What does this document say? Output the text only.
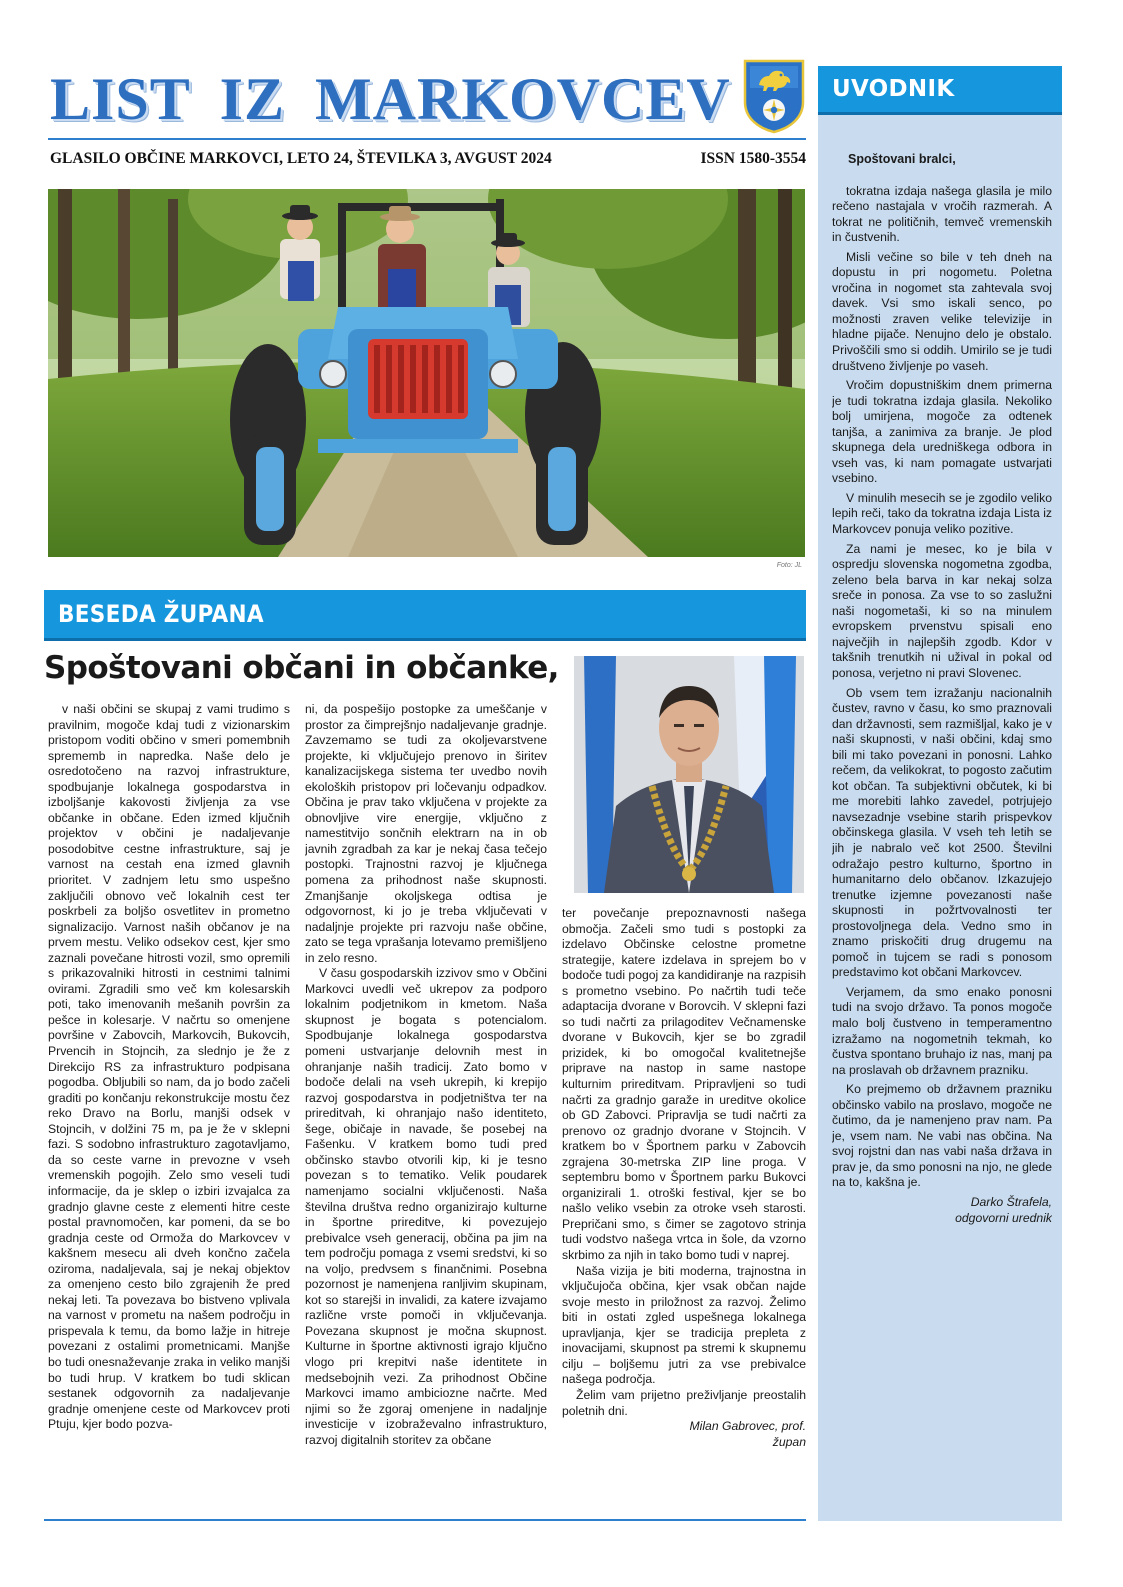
LIST IZ MARKOVCEV
GLASILO OBČINE MARKOVCI, LETO 24, ŠTEVILKA 3, AVGUST 2024	ISSN 1580-3554
Foto: JL
BESEDA ŽUPANA
Spoštovani občani in občanke,

v naši občini se skupaj z vami trudimo s pravilnim, mogoče kdaj tudi z vizionarskim pristopom voditi občino v smeri pomembnih sprememb in napredka. Naše delo je osredotočeno na razvoj infrastrukture, spodbujanje lokalnega gospodarstva in izboljšanje kakovosti življenja za vse občanke in občane. Eden izmed ključnih projektov v občini je nadaljevanje posodobitve cestne infrastrukture, saj je varnost na cestah ena izmed glavnih prioritet. V zadnjem letu smo uspešno zaključili obnovo več lokalnih cest ter poskrbeli za boljšo osvetlitev in prometno signalizacijo. Varnost naših občanov je na prvem mestu. Veliko odsekov cest, kjer smo zaznali povečane hitrosti vozil, smo opremili s prikazovalniki hitrosti in cestnimi talnimi ovirami. Zgradili smo več km kolesarskih poti, tako imenovanih mešanih površin za pešce in kolesarje. V načrtu so omenjene površine v Zabovcih, Markovcih, Bukovcih, Prvencih in Stojncih, za slednjo je že z Direkcijo RS za infrastrukturo podpisana pogodba. Obljubili so nam, da jo bodo začeli graditi po končanju rekonstrukcije mostu čez reko Dravo na Borlu, manjši odsek v Stojncih, v dolžini 75 m, pa je že v sklepni fazi. S sodobno infrastrukturo zagotavljamo, da so ceste varne in prevozne v vseh vremenskih pogojih. Zelo smo veseli tudi informacije, da je sklep o izbiri izvajalca za gradnjo glavne ceste z elementi hitre ceste postal pravnomočen, kar pomeni, da se bo gradnja ceste od Ormoža do Markovcev v kakšnem mesecu ali dveh končno začela oziroma, nadaljevala, saj je nekaj objektov za omenjeno cesto bilo zgrajenih že pred nekaj leti. Ta povezava bo bistveno vplivala na varnost v prometu na našem področju in prispevala k temu, da bomo lažje in hitreje povezani z ostalimi prometnicami. Manjše bo tudi onesnaževanje zraka in veliko manjši bo tudi hrup. V kratkem bo tudi sklican sestanek odgovornih za nadaljevanje gradnje omenjene ceste od Markovcev proti Ptuju, kjer bodo pozva-

ni, da pospešijo postopke za umeščanje v prostor za čimprejšnjo nadaljevanje gradnje. Zavzemamo se tudi za okoljevarstvene projekte, ki vključujejo prenovo in širitev kanalizacijskega sistema ter uvedbo novih ekoloških pristopov pri ločevanju odpadkov. Občina je prav tako vključena v projekte za obnovljive vire energije, vključno z namestitvijo sončnih elektrarn na in ob javnih zgradbah za kar je nekaj časa tečejo postopki. Trajnostni razvoj je ključnega pomena za prihodnost naše skupnosti. Zmanjšanje okoljskega odtisa je odgovornost, ki jo je treba vključevati v nadaljnje projekte pri razvoju naše občine, zato se tega vprašanja lotevamo premišljeno in zelo resno.

V času gospodarskih izzivov smo v Občini Markovci uvedli več ukrepov za podporo lokalnim podjetnikom in kmetom. Naša skupnost je bogata s potencialom. Spodbujanje lokalnega gospodarstva pomeni ustvarjanje delovnih mest in ohranjanje naših tradicij. Zato bomo v bodoče delali na vseh ukrepih, ki krepijo razvoj gospodarstva in podjetništva ter na prireditvah, ki ohranjajo našo identiteto, šege, običaje in navade, še posebej na Fašenku. V kratkem bomo tudi pred občinsko stavbo otvorili kip, ki je tesno povezan s to tematiko. Velik poudarek namenjamo socialni vključenosti. Naša številna društva redno organizirajo kulturne in športne prireditve, ki povezujejo prebivalce vseh generacij, občina pa jim na tem področju pomaga z vsemi sredstvi, ki so na voljo, predvsem s finančnimi. Posebna pozornost je namenjena ranljivim skupinam, kot so starejši in invalidi, za katere izvajamo različne vrste pomoči in vključevanja. Povezana skupnost je močna skupnost. Kulturne in športne aktivnosti igrajo ključno vlogo pri krepitvi naše identitete in medsebojnih vezi. Za prihodnost Občine Markovci imamo ambiciozne načrte. Med njimi so že zgoraj omenjene in nadaljnje investicije v izobraževalno infrastrukturo, razvoj digitalnih storitev za občane

ter povečanje prepoznavnosti našega območja. Začeli smo tudi s postopki za izdelavo Občinske celostne prometne strategije, katere izdelava in sprejem bo v bodoče tudi pogoj za kandidiranje na razpisih s prometno vsebino. Po načrtih tudi teče adaptacija dvorane v Borovcih. V sklepni fazi so tudi načrti za prilagoditev Večnamenske dvorane v Bukovcih, kjer se bo zgradil prizidek, ki bo omogočal kvalitetnejše priprave na nastop in same nastope kulturnim prireditvam. Pripravljeni so tudi načrti za gradnjo garaže in ureditve okolice ob GD Zabovci. Pripravlja se tudi načrti za prenovo oz gradnjo dvorane v Stojncih. V kratkem bo v Športnem parku v Zabovcih zgrajena 30-metrska ZIP line proga. V septembru bomo v Športnem parku Bukovci organizirali 1. otroški festival, kjer se bo našlo veliko vsebin za otroke vseh starosti. Prepričani smo, s čimer se zagotovo strinja tudi vodstvo našega vrtca in šole, da vzorno skrbimo za njih in tako bomo tudi v naprej.

Naša vizija je biti moderna, trajnostna in vključujoča občina, kjer vsak občan najde svoje mesto in priložnost za razvoj. Želimo biti in ostati zgled uspešnega lokalnega upravljanja, kjer se tradicija prepleta z inovacijami, skupnost pa stremi k skupnemu cilju – boljšemu jutri za vse prebivalce našega področja.

Želim vam prijetno preživljanje preostalih poletnih dni.

Milan Gabrovec, prof.

župan

UVODNIK

Spoštovani bralci,

tokratna izdaja našega glasila je milo rečeno nastajala v vročih razmerah. A tokrat ne političnih, temveč vremenskih in čustvenih.

Misli večine so bile v teh dneh na dopustu in pri nogometu. Poletna vročina in nogomet sta zahtevala svoj davek. Vsi smo iskali senco, po možnosti zraven velike televizije in hladne pijače. Nenujno delo je obstalo. Privoščili smo si oddih. Umirilo se je tudi društveno življenje po vaseh.

Vročim dopustniškim dnem primerna je tudi tokratna izdaja glasila. Nekoliko bolj umirjena, mogoče za odtenek tanjša, a zanimiva za branje. Je plod skupnega dela uredniškega odbora in vseh vas, ki nam pomagate ustvarjati vsebino.

V minulih mesecih se je zgodilo veliko lepih reči, tako da tokratna izdaja Lista iz Markovcev ponuja veliko pozitive.

Za nami je mesec, ko je bila v ospredju slovenska nogometna zgodba, zeleno bela barva in kar nekaj solza sreče in ponosa. Za vse to so zaslužni naši nogometaši, ki so na minulem evropskem prvenstvu spisali eno največjih in najlepših zgodb. Kdor v takšnih trenutkih ni užival in pokal od ponosa, verjetno ni pravi Slovenec.

Ob vsem tem izražanju nacionalnih čustev, ravno v času, ko smo praznovali dan državnosti, sem razmišljal, kako je v naši skupnosti, v naši občini, kdaj smo bili mi tako povezani in ponosni. Lahko rečem, da velikokrat, to pogosto začutim kot občan. Ta subjektivni občutek, ki bi me morebiti lahko zavedel, potrjujejo navsezadnje vsebine starih prispevkov občinskega glasila. V vseh teh letih se jih je nabralo več kot 2500. Številni odražajo pestro kulturno, športno in humanitarno delo občanov. Izkazujejo trenutke izjemne povezanosti naše skupnosti in požrtvovalnosti ter prostovoljnega dela. Vedno smo in znamo priskočiti drug drugemu na pomoč in tujcem se radi s ponosom predstavimo kot občani Markovcev.

Verjamem, da smo enako ponosni tudi na svojo državo. Ta ponos mogoče malo bolj čustveno in temperamentno izražamo na nogometnih tekmah, ko čustva spontano bruhajo iz nas, manj pa na proslavah ob državnem prazniku.

Ko prejmemo ob državnem prazniku občinsko vabilo na proslavo, mogoče ne čutimo, da je namenjeno prav nam. Pa je, vsem nam. Ne vabi nas občina. Na svoj rojstni dan nas vabi naša država in prav je, da smo ponosni na njo, ne glede na to, kakšna je.

Darko Štrafela,

odgovorni urednik
